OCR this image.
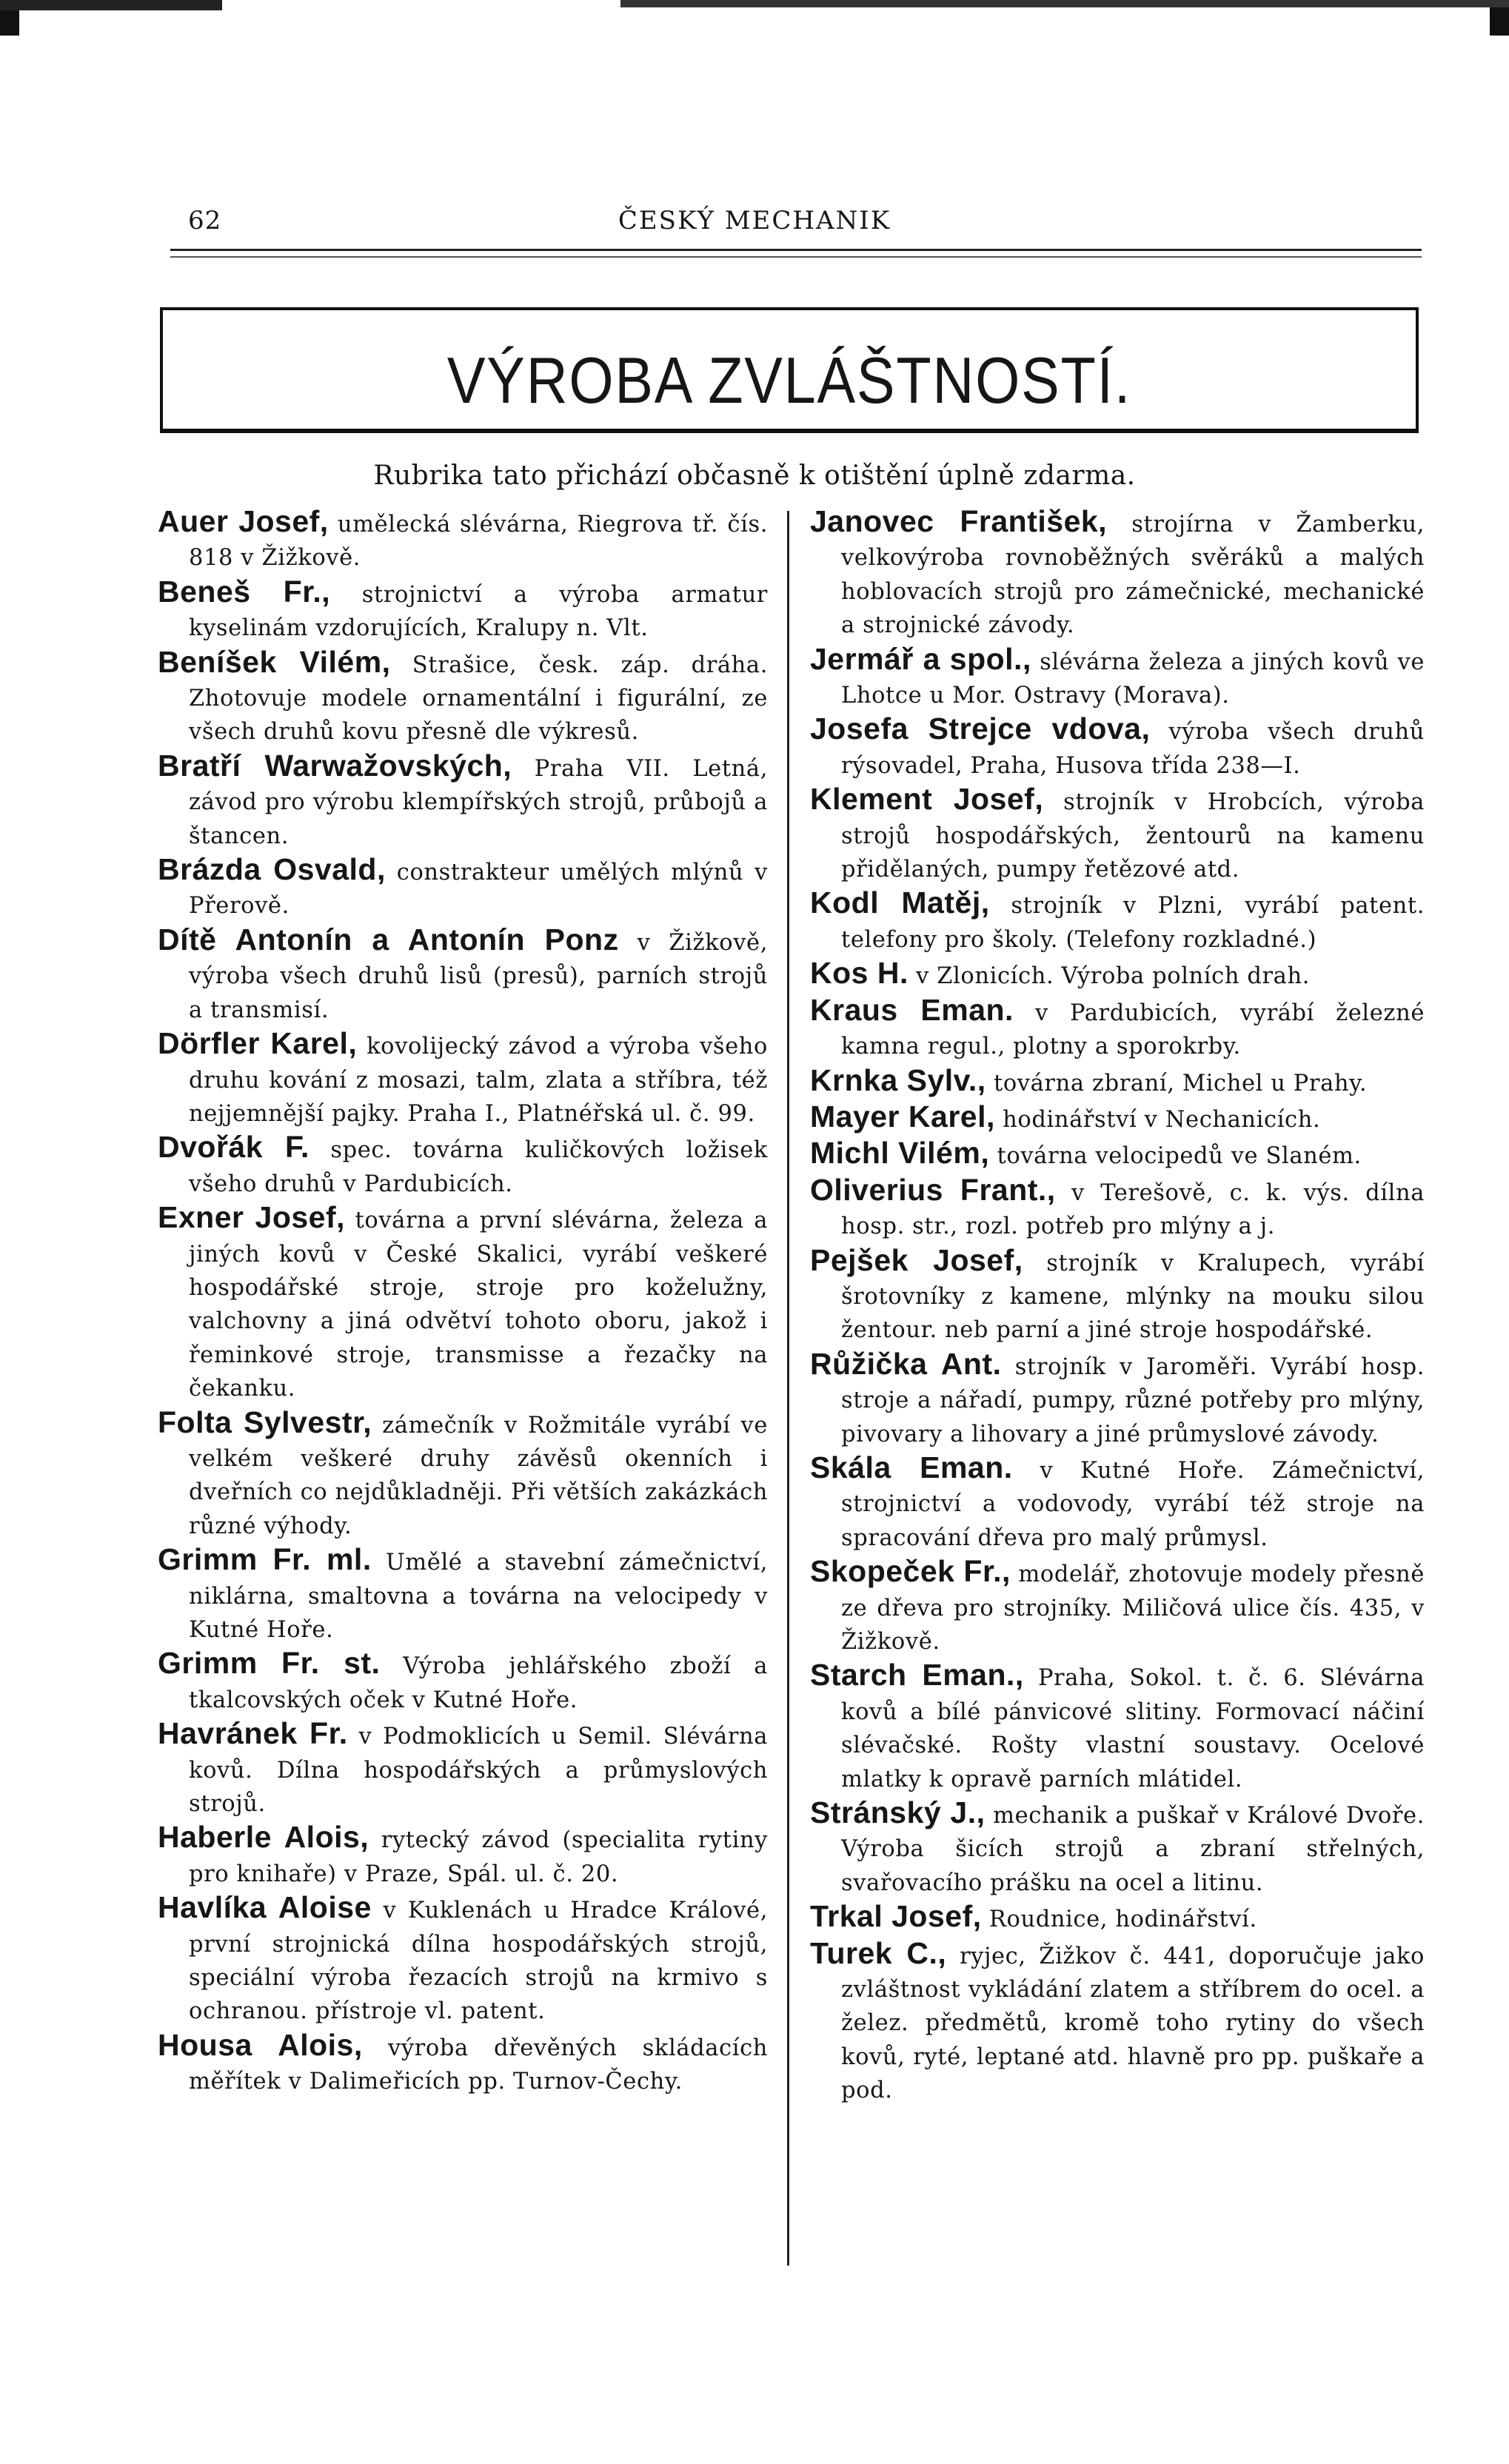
62	ČESKÝ MECHANIK
VÝROBA ZVLÁŠTNOSTÍ.
Rubrika tato přichází občasně k otištění úplně zdarma.

Auer Josef, umělecká slévárna, Riegrova tř. čís. 818 v Žižkově.

Beneš Fr., strojnictví a výroba armatur kyselinám vzdorujících, Kralupy n. Vlt.

Beníšek Vilém, Strašice, česk. záp. dráha. Zhotovuje modele ornamentální i figurální, ze všech druhů kovu přesně dle výkresů.

Bratří Warwažovských, Praha VII. Letná, závod pro výrobu klempířských strojů, průbojů a štancen.

Brázda Osvald, constrakteur umělých mlýnů v Přerově.

Dítě Antonín a Antonín Ponz v Žižkově, výroba všech druhů lisů (presů), parních strojů a transmisí.

Dörfler Karel, kovolijecký závod a výroba všeho druhu kování z mosazi, talm, zlata a stříbra, též nejjemnější pajky. Praha I., Platnéřská ul. č. 99.

Dvořák F. spec. továrna kuličkových ložisek všeho druhů v Pardubicích.

Exner Josef, továrna a první slévárna, železa a jiných kovů v České Skalici, vyrábí veškeré hospodářské stroje, stroje pro koželužny, valchovny a jiná odvětví tohoto oboru, jakož i řeminkové stroje, transmisse a řezačky na čekanku.

Folta Sylvestr, zámečník v Rožmitále vyrábí ve velkém veškeré druhy závěsů okenních i dveřních co nejdůkladněji. Při větších zakázkách různé výhody.

Grimm Fr. ml. Umělé a stavební zámečnictví, niklárna, smaltovna a továrna na velocipedy v Kutné Hoře.

Grimm Fr. st. Výroba jehlářského zboží a tkalcovských oček v Kutné Hoře.

Havránek Fr. v Podmoklicích u Semil. Slévárna kovů. Dílna hospodářských a průmyslových strojů.

Haberle Alois, rytecký závod (specialita rytiny pro knihaře) v Praze, Spál. ul. č. 20.

Havlíka Aloise v Kuklenách u Hradce Králové, první strojnická dílna hospodářských strojů, speciální výroba řezacích strojů na krmivo s ochranou. přístroje vl. patent.

Housa Alois, výroba dřevěných skládacích měřítek v Dalimeřicích pp. Turnov-Čechy.

Janovec František, strojírna v Žamberku, velkovýroba rovnoběžných svěráků a malých hoblovacích strojů pro zámečnické, mechanické a strojnické závody.

Jermář a spol., slévárna železa a jiných kovů ve Lhotce u Mor. Ostravy (Morava).

Josefa Strejce vdova, výroba všech druhů rýsovadel, Praha, Husova třída 238—I.

Klement Josef, strojník v Hrobcích, výroba strojů hospodářských, žentourů na kamenu přidělaných, pumpy řetězové atd.

Kodl Matěj, strojník v Plzni, vyrábí patent. telefony pro školy. (Telefony rozkladné.)

Kos H. v Zlonicích. Výroba polních drah.

Kraus Eman. v Pardubicích, vyrábí železné kamna regul., plotny a sporokrby.

Krnka Sylv., továrna zbraní, Michel u Prahy.

Mayer Karel, hodinářství v Nechanicích.

Michl Vilém, továrna velocipedů ve Slaném.

Oliverius Frant., v Terešově, c. k. výs. dílna hosp. str., rozl. potřeb pro mlýny a j.

Pejšek Josef, strojník v Kralupech, vyrábí šrotovníky z kamene, mlýnky na mouku silou žentour. neb parní a jiné stroje hospodářské.

Růžička Ant. strojník v Jaroměři. Vyrábí hosp. stroje a nářadí, pumpy, různé potřeby pro mlýny, pivovary a lihovary a jiné průmyslové závody.

Skála Eman. v Kutné Hoře. Zámečnictví, strojnictví a vodovody, vyrábí též stroje na spracování dřeva pro malý průmysl.

Skopeček Fr., modelář, zhotovuje modely přesně ze dřeva pro strojníky. Miličová ulice čís. 435, v Žižkově.

Starch Eman., Praha, Sokol. t. č. 6. Slévárna kovů a bílé pánvicové slitiny. Formovací náčiní slévačské. Rošty vlastní soustavy. Ocelové mlatky k opravě parních mlátidel.

Stránský J., mechanik a puškař v Králové Dvoře. Výroba šicích strojů a zbraní střelných, svařovacího prášku na ocel a litinu.

Trkal Josef, Roudnice, hodinářství.

Turek C., ryjec, Žižkov č. 441, doporučuje jako zvláštnost vykládání zlatem a stříbrem do ocel. a želez. předmětů, kromě toho rytiny do všech kovů, ryté, leptané atd. hlavně pro pp. puškaře a pod.
